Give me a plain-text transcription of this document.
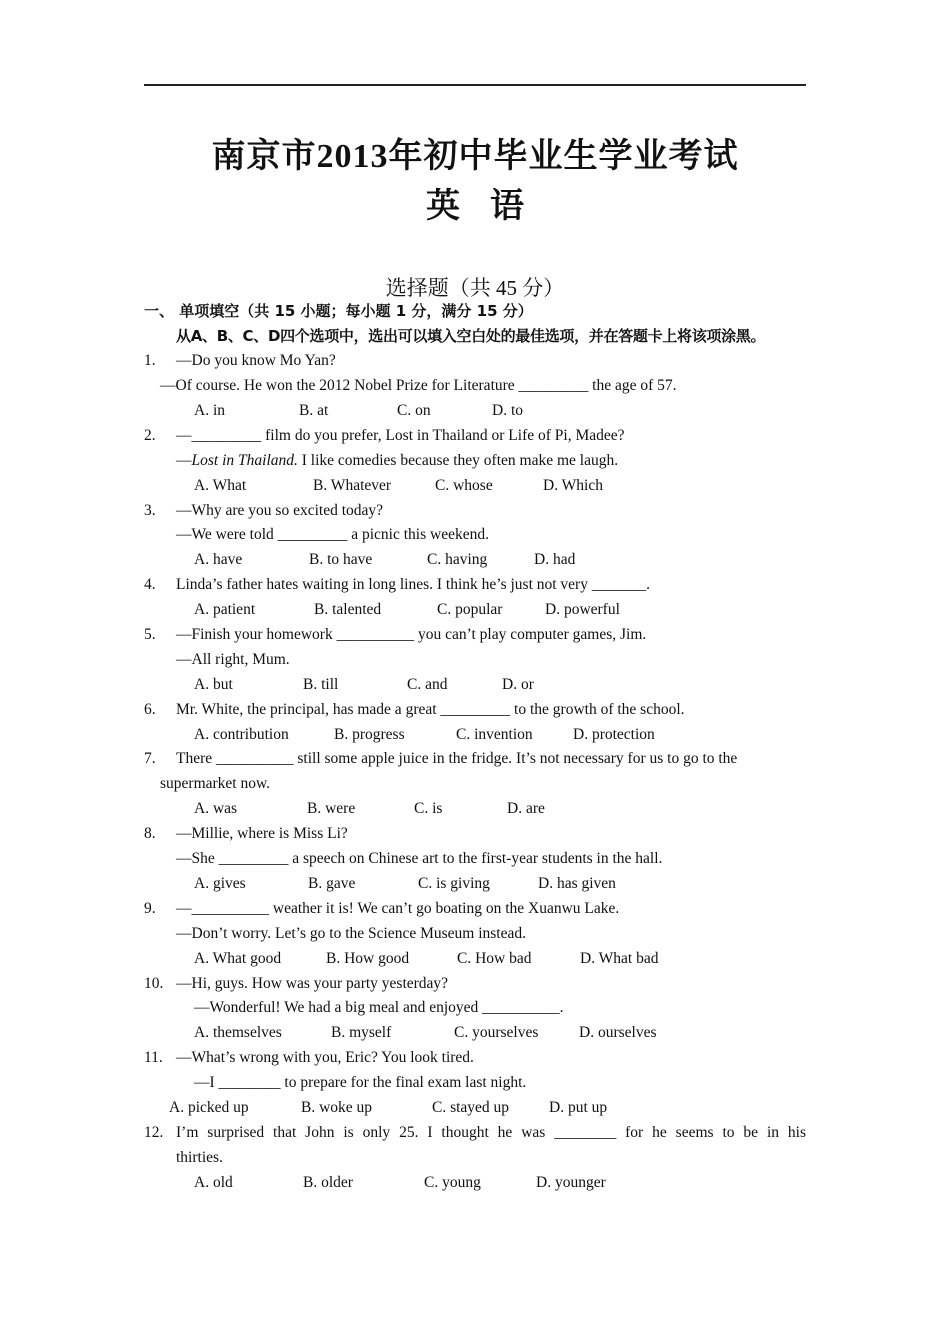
南京市2013年初中毕业生学业考试
英语
选择题（共 45 分）
一、 单项填空（共 15 小题；每小题 1 分，满分 15 分）
从A、B、C、D四个选项中，选出可以填入空白处的最佳选项，并在答题卡上将该项涂黑。
1. —Do you know Mo Yan?
—Of course. He won the 2012 Nobel Prize for Literature _________ the age of 57.
A. in	B. at	C. on	D. to
2. —_________ film do you prefer, Lost in Thailand or Life of Pi, Madee?
—Lost in Thailand. I like comedies because they often make me laugh.
A. What	B. Whatever	C. whose	D. Which
3. —Why are you so excited today?
—We were told _________ a picnic this weekend.
A. have	B. to have	C. having	D. had
4. Linda’s father hates waiting in long lines. I think he’s just not very _______.
A. patient	B. talented	C. popular	D. powerful
5. —Finish your homework __________ you can’t play computer games, Jim.
—All right, Mum.
A. but	B. till	C. and	D. or
6. Mr. White, the principal, has made a great _________ to the growth of the school.
A. contribution	B. progress	C. invention	D. protection
7. There __________ still some apple juice in the fridge. It’s not necessary for us to go to the
supermarket now.
A. was	B. were	C. is	D. are
8. —Millie, where is Miss Li?
—She _________ a speech on Chinese art to the first-year students in the hall.
A. gives	B. gave	C. is giving	D. has given
9. —__________ weather it is! We can’t go boating on the Xuanwu Lake.
—Don’t worry. Let’s go to the Science Museum instead.
A. What good	B. How good	C. How bad	D. What bad
10. —Hi, guys. How was your party yesterday?
—Wonderful! We had a big meal and enjoyed __________.
A. themselves	B. myself	C. yourselves	D. ourselves
11. —What’s wrong with you, Eric? You look tired.
—I ________ to prepare for the final exam last night.
A. picked up	B. woke up	C. stayed up	D. put up
12. I’m surprised that John is only 25. I thought he was ________ for he seems to be in his
thirties.
A. old	B. older	C. young	D. younger
